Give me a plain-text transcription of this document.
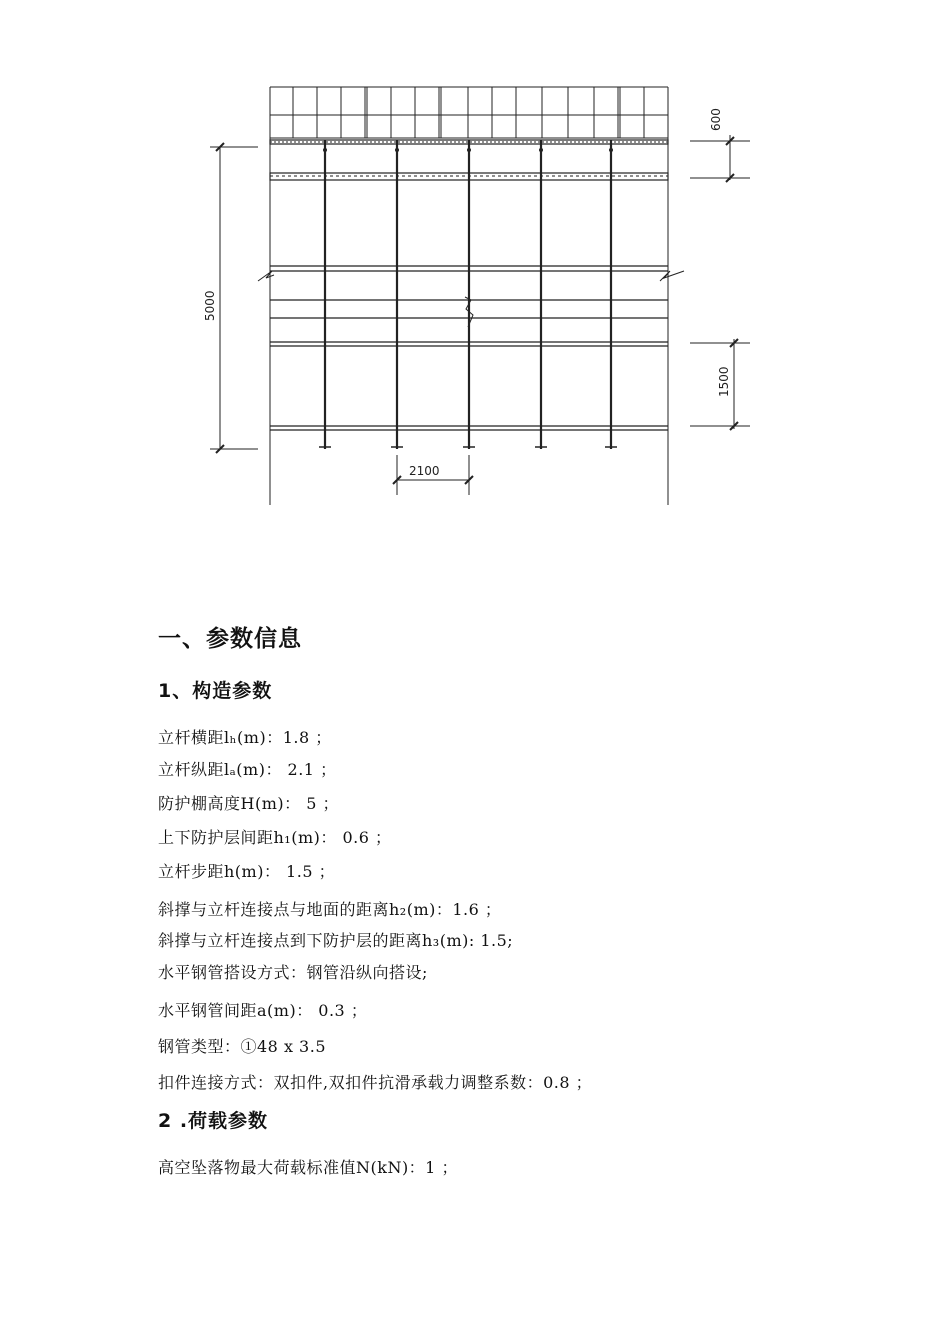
600
5000
1500
2100
一、参数信息
1、构造参数
立杆横距lₕ(m)：1.8 ；
立杆纵距lₐ(m)： 2.1 ；
防护棚高度H(m)： 5 ；
上下防护层间距h₁(m)： 0.6 ；
立杆步距h(m)： 1.5 ；
斜撑与立杆连接点与地面的距离h₂(m)：1.6 ；
斜撑与立杆连接点到下防护层的距离h₃(m): 1.5;
水平钢管搭设方式：钢管沿纵向搭设;
水平钢管间距a(m)： 0.3 ；
钢管类型：①48 x 3.5
扣件连接方式：双扣件,双扣件抗滑承载力调整系数：0.8 ；
2 .荷载参数
高空坠落物最大荷载标准值N(kN)：1 ；
